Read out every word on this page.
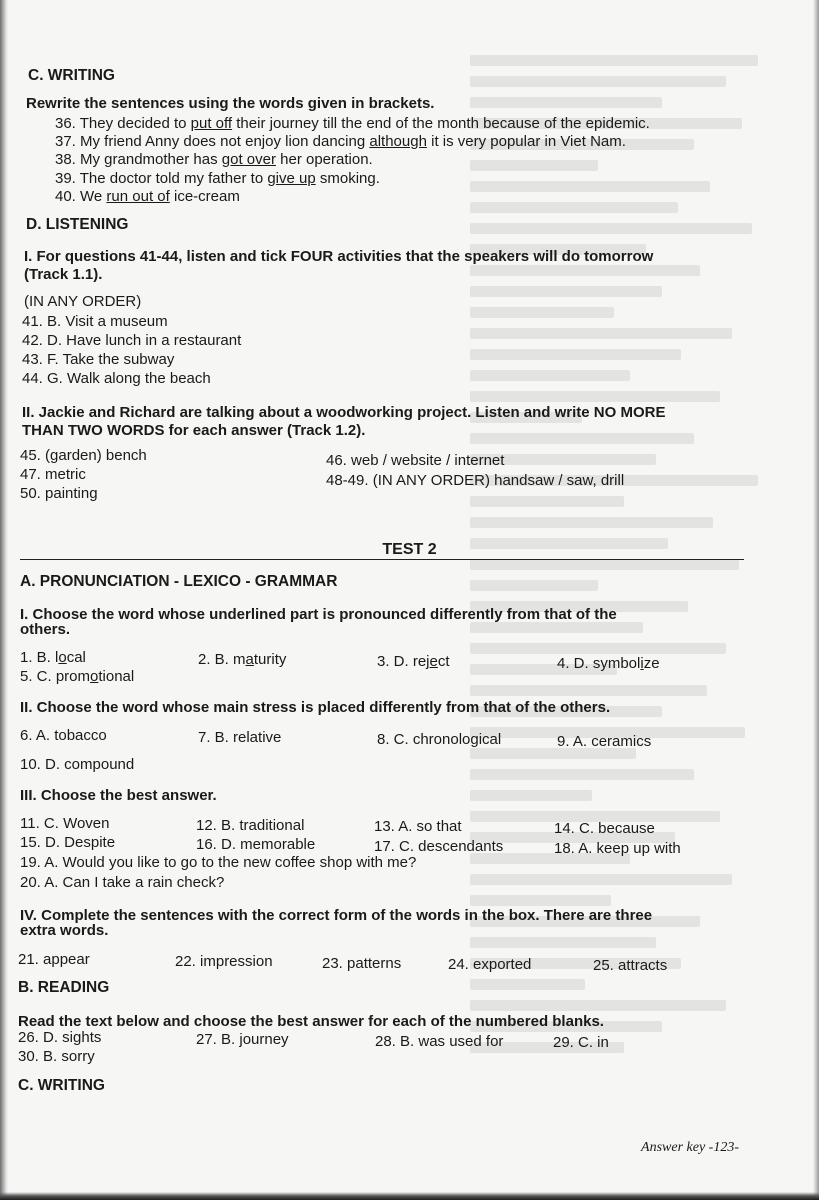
C. WRITING
Rewrite the sentences using the words given in brackets.
36. They decided to put off their journey till the end of the month because of the epidemic.
37. My friend Anny does not enjoy lion dancing although it is very popular in Viet Nam.
38. My grandmother has got over her operation.
39. The doctor told my father to give up smoking.
40. We run out of ice-cream
D. LISTENING
I. For questions 41-44, listen and tick FOUR activities that the speakers will do tomorrow
(Track 1.1).
(IN ANY ORDER)
41. B. Visit a museum
42. D. Have lunch in a restaurant
43. F. Take the subway
44. G. Walk along the beach
II. Jackie and Richard are talking about a woodworking project. Listen and write NO MORE
THAN TWO WORDS for each answer (Track 1.2).
45. (garden) bench	46. web / website / internet
47. metric	48-49. (IN ANY ORDER) handsaw / saw, drill
50. painting
TEST 2
A. PRONUNCIATION - LEXICO - GRAMMAR
I. Choose the word whose underlined part is pronounced differently from that of the
others.
1. B. local	2. B. maturity	3. D. reject	4. D. symbolize
5. C. promotional
II. Choose the word whose main stress is placed differently from that of the others.
6. A. tobacco	7. B. relative	8. C. chronological	9. A. ceramics
10. D. compound
III. Choose the best answer.
11. C. Woven	12. B. traditional	13. A. so that	14. C. because
15. D. Despite	16. D. memorable	17. C. descendants	18. A. keep up with
19. A. Would you like to go to the new coffee shop with me?
20. A. Can I take a rain check?
IV. Complete the sentences with the correct form of the words in the box. There are three
extra words.
21. appear	22. impression	23. patterns	24. exported	25. attracts
B. READING
Read the text below and choose the best answer for each of the numbered blanks.
26. D. sights	27. B. journey	28. B. was used for	29. C. in
30. B. sorry
C. WRITING
Answer key -123-
